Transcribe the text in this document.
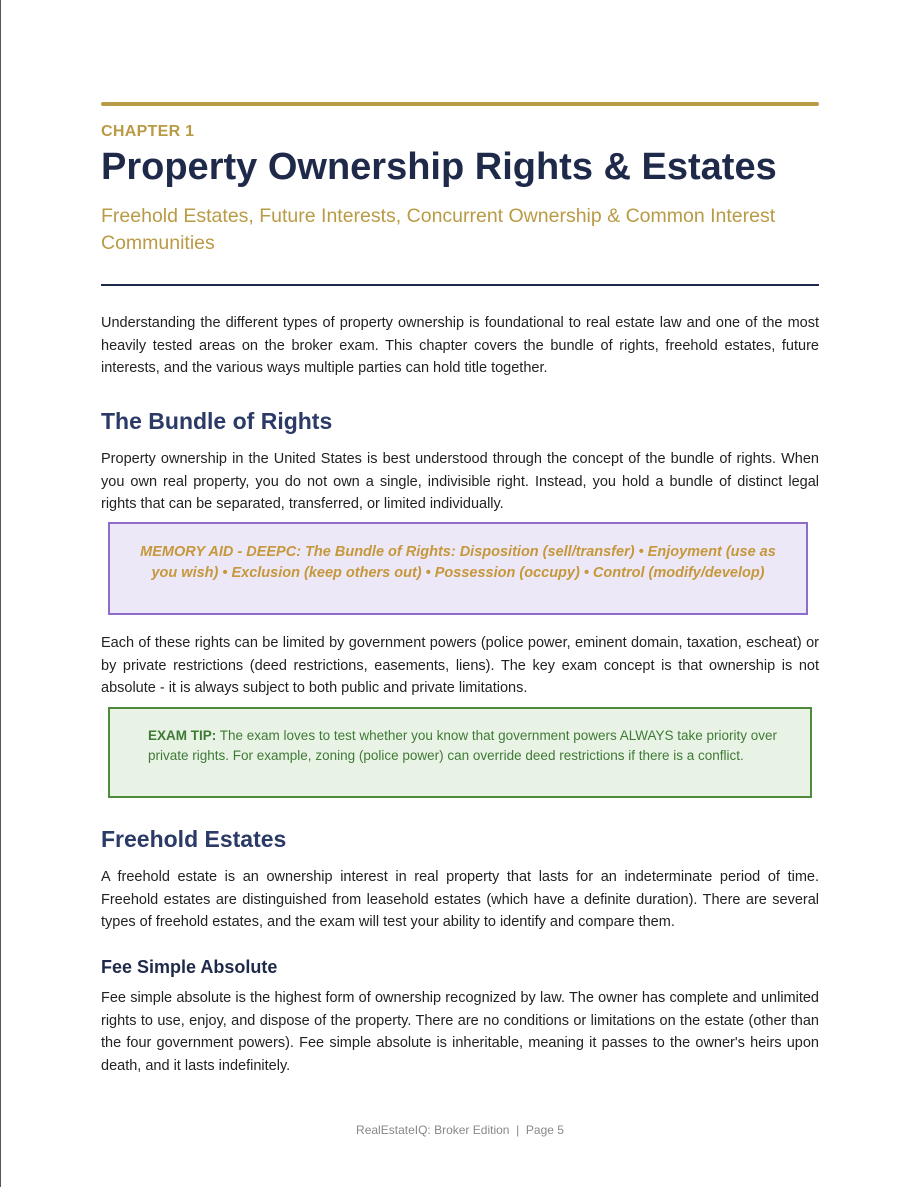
CHAPTER 1
Property Ownership Rights & Estates
Freehold Estates, Future Interests, Concurrent Ownership & Common Interest Communities

Understanding the different types of property ownership is foundational to real estate law and one of the most heavily tested areas on the broker exam. This chapter covers the bundle of rights, freehold estates, future interests, and the various ways multiple parties can hold title together.

The Bundle of Rights

Property ownership in the United States is best understood through the concept of the bundle of rights. When you own real property, you do not own a single, indivisible right. Instead, you hold a bundle of distinct legal rights that can be separated, transferred, or limited individually.

MEMORY AID - DEEPC: The Bundle of Rights: Disposition (sell/transfer) • Enjoyment (use as you wish) • Exclusion (keep others out) • Possession (occupy) • Control (modify/develop)

Each of these rights can be limited by government powers (police power, eminent domain, taxation, escheat) or by private restrictions (deed restrictions, easements, liens). The key exam concept is that ownership is not absolute - it is always subject to both public and private limitations.

EXAM TIP: The exam loves to test whether you know that government powers ALWAYS take priority over private rights. For example, zoning (police power) can override deed restrictions if there is a conflict.
Freehold Estates

A freehold estate is an ownership interest in real property that lasts for an indeterminate period of time. Freehold estates are distinguished from leasehold estates (which have a definite duration). There are several types of freehold estates, and the exam will test your ability to identify and compare them.

Fee Simple Absolute

Fee simple absolute is the highest form of ownership recognized by law. The owner has complete and unlimited rights to use, enjoy, and dispose of the property. There are no conditions or limitations on the estate (other than the four government powers). Fee simple absolute is inheritable, meaning it passes to the owner's heirs upon death, and it lasts indefinitely.

RealEstateIQ: Broker Edition  |  Page 5
